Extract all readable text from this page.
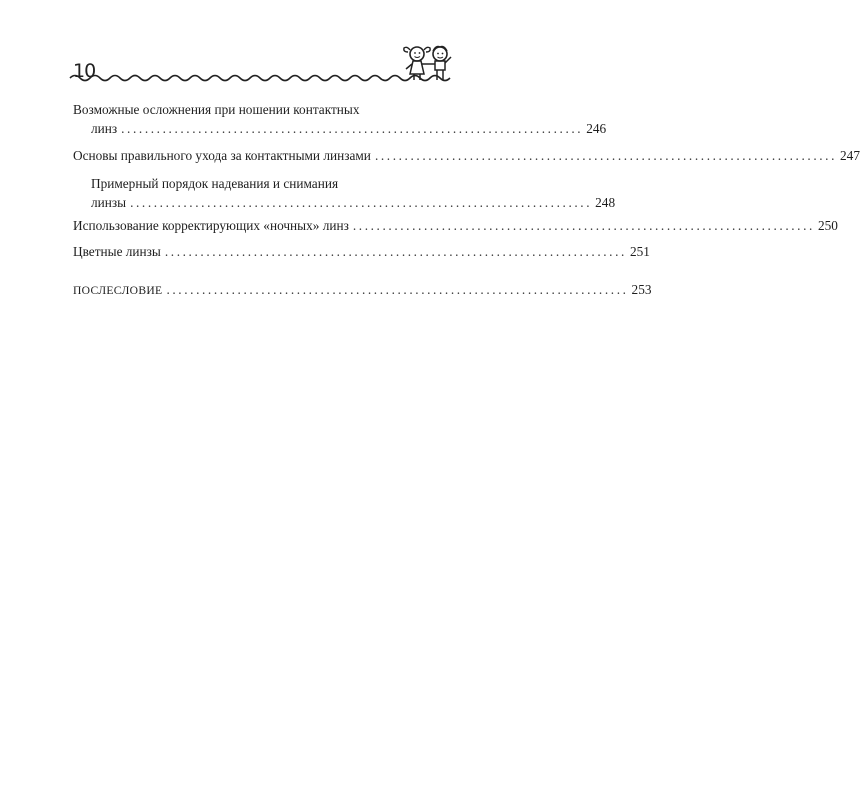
10
Возможные осложнения при ношении контактных
линз .............................................................................. 246
Основы правильного ухода за контактными линзами .............................................................................. 247
Примерный порядок надевания и снимания
линзы .............................................................................. 248
Использование корректирующих «ночных» линз .............................................................................. 250
Цветные линзы .............................................................................. 251
ПОСЛЕСЛОВИЕ .............................................................................. 253
